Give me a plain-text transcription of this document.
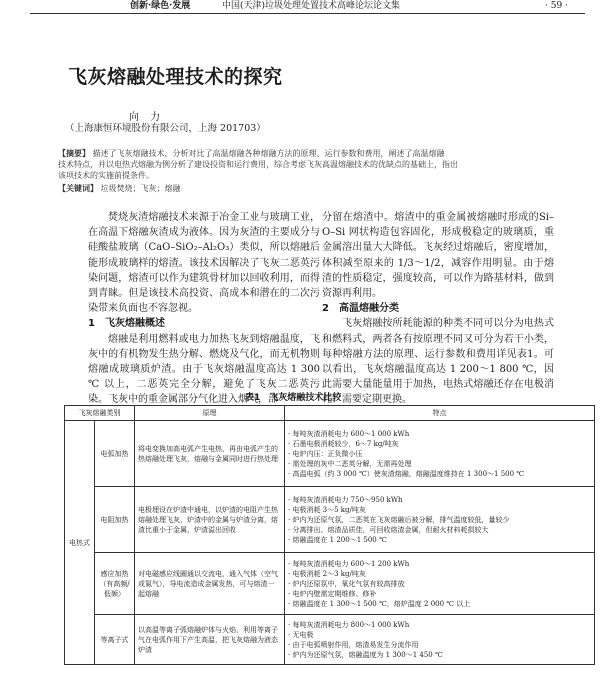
创新·绿色·发展	中国(天津)垃圾处理处置技术高峰论坛论文集	· 59 ·
飞灰熔融处理技术的探究
向 力
（上海康恒环境股份有限公司，上海 201703）
【摘要】 描述了飞灰熔融技术，分析对比了高温熔融各种熔融方法的原理、运行参数和费用，阐述了高温熔融
技术特点，并以电热式熔融为例分析了建设投资和运行费用，综合考虑飞灰高温熔融技术的优缺点的基础上，指出
该项技术的实施前提条件。
【关键词】 垃圾焚烧；飞灰；熔融

焚烧灰渣熔融技术来源于冶金工业与玻璃工业，在高温下熔融灰渣成为液体。因为灰渣的主要成分与硅酸盐玻璃（CaO–SiO₂–Al₂O₃）类似，所以熔融后能形成玻璃样的熔渣。该技术因解决了飞灰二恶英污染问题，熔渣可以作为建筑骨材加以回收利用，而得到青睐。但是该技术高投资、高成本和潜在的二次污染带来负面也不容忽视。

1　飞灰熔融概述

熔融是利用燃料或电力加热飞灰到熔融温度，飞灰中的有机物发生热分解、燃烧及气化，而无机物则熔融成玻璃质炉渣。由于飞灰熔融温度高达 1 300 ℃ 以上，二恶英完全分解，避免了飞灰二恶英污染。飞灰中的重金属部分气化进入烟气，部

分留在熔渣中。熔渣中的重金属被熔融时形成的Si–O–Si 网状构造包容固化，形成极稳定的玻璃质，重金属溶出量大大降低。飞灰经过熔融后，密度增加，体积减至原来的 1/3～1/2，减容作用明显。由于熔渣的性质稳定，强度较高，可以作为路基材料，做到资源再利用。

2　高温熔融分类

飞灰熔融按所耗能源的种类不同可以分为电热式和燃料式，两者各有按原理不同又可分为若干小类，每种熔融方法的原理、运行参数和费用详见表1。可以看出，飞灰熔融温度高达 1 200～1 800 ℃，因此需要大量能量用于加热，电热式熔融还存在电极消耗、需要定期更换。

表1　飞灰熔融技术比较
飞灰熔融类别		原理	特点
电热式	电弧加热	将电变换加高电弧产生电热，再由电弧产生的热熔融处理飞灰，熔融与金属同时进行热处理	· 每吨灰渣消耗电力 600～1 000 kWh
· 石墨电极消耗较少，6～7 kg/吨灰
· 电炉内压：正负微小压
· 需处理的灰中二恶英分解，无需再处理
· 高温电弧（约 3 000 ℃）使灰渣熔融，熔融温度维持在 1 300～1 500 ℃

	电阻加热	电极埋设在炉渣中通电，以炉渣的电阻产生热熔融处理飞灰，炉渣中的金属与炉渣分离，熔渣比重小于金属，炉渣溢出回收	· 每吨灰渣消耗电力 750～950 kWh
· 电极消耗 3～5 kg/吨灰
· 炉内为还原气氛，二恶英在飞灰熔融后被分解，排气温度较低，量较少
· 分离排出、熔渣品质佳，可回收熔渣金属，但耐火材料耗损较大
· 熔融温度在 1 200～1 500 ℃

	感应加热（有高频/低频）	对电磁感应线圈通以交流电，通入气体（空气或氮气），导电流造成金属发热，可与熔渣一起熔融	· 每吨灰渣消耗电力 600～1 200 kWh
· 电极消耗 2～3 kg/吨灰
· 炉内还原氛中，氧化气氛有较高排放
· 电炉内壁需定期维修、修补
· 熔融温度在 1 300～1 500 ℃，熔炉温度 2 000 ℃ 以上

	等离子式	以高温等离子弧熔融炉体与火焰，利用等离子气在电弧作用下产生高温，把飞灰熔融为液态炉渣	· 每吨灰渣消耗电力 800～1 000 kWh
· 无电极
· 由于电弧喷射作用，熔渣易发生分流作用
· 炉内为还原气氛，熔融温度为 1 300～1 450 ℃
